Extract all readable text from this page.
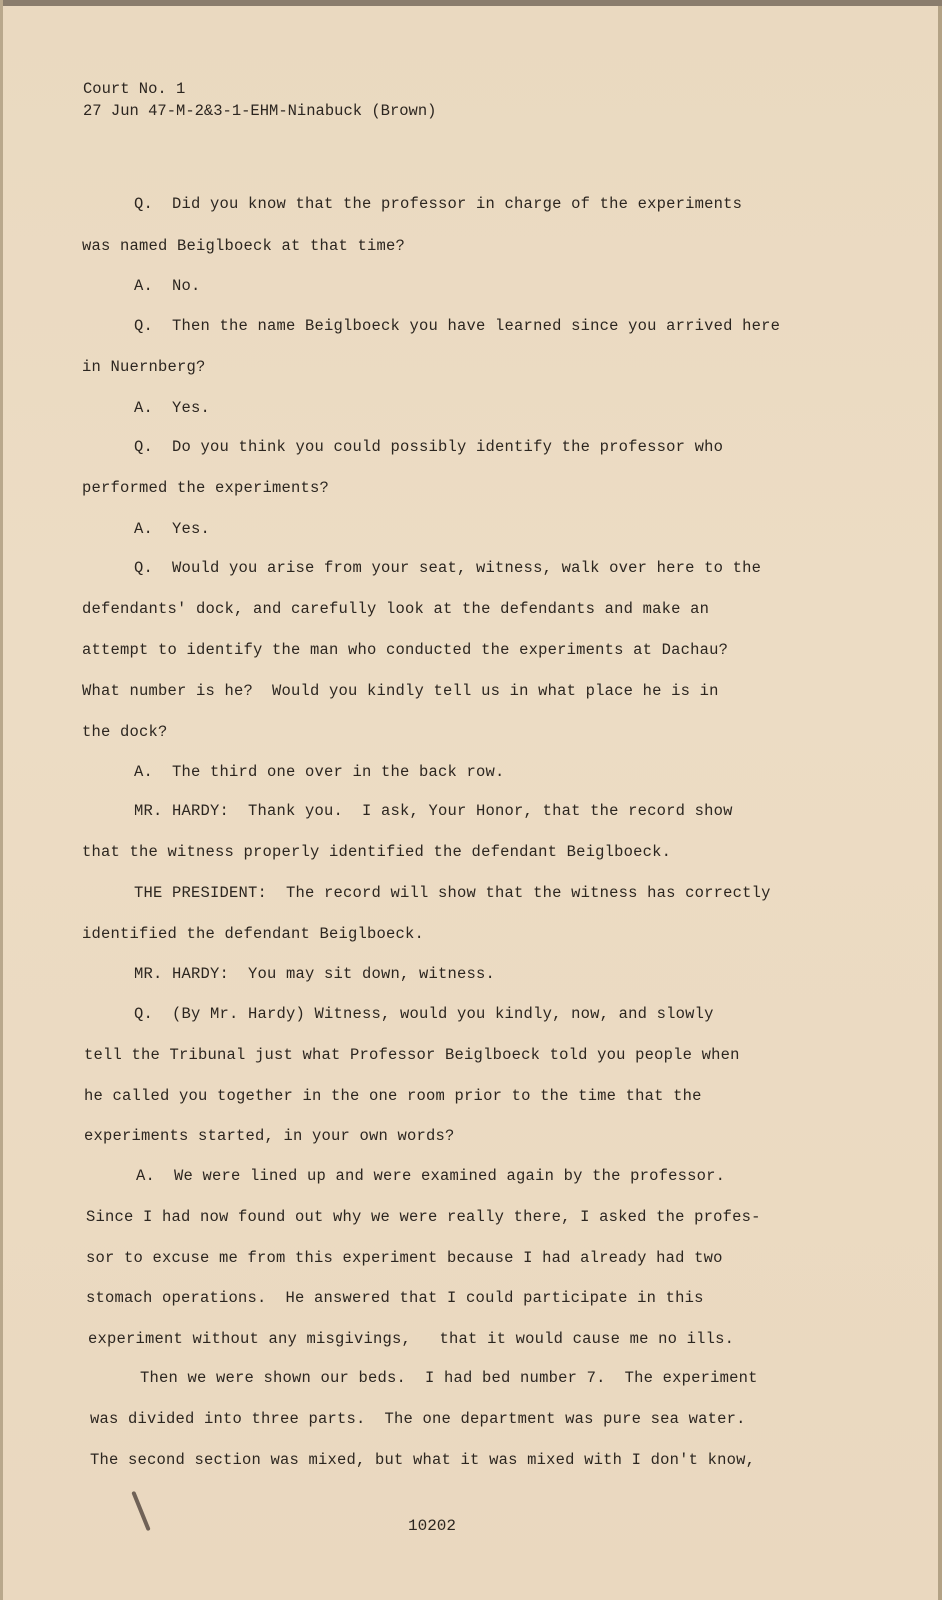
Court No. 1
27 Jun 47-M-2&3-1-EHM-Ninabuck (Brown)
Q.  Did you know that the professor in charge of the experiments
was named Beiglboeck at that time?
A.  No.
Q.  Then the name Beiglboeck you have learned since you arrived here
in Nuernberg?
A.  Yes.
Q.  Do you think you could possibly identify the professor who
performed the experiments?
A.  Yes.
Q.  Would you arise from your seat, witness, walk over here to the
defendants' dock, and carefully look at the defendants and make an
attempt to identify the man who conducted the experiments at Dachau?
What number is he?  Would you kindly tell us in what place he is in
the dock?
A.  The third one over in the back row.
MR. HARDY:  Thank you.  I ask, Your Honor, that the record show
that the witness properly identified the defendant Beiglboeck.
THE PRESIDENT:  The record will show that the witness has correctly
identified the defendant Beiglboeck.
MR. HARDY:  You may sit down, witness.
Q.  (By Mr. Hardy) Witness, would you kindly, now, and slowly
tell the Tribunal just what Professor Beiglboeck told you people when
he called you together in the one room prior to the time that the
experiments started, in your own words?
A.  We were lined up and were examined again by the professor.
Since I had now found out why we were really there, I asked the profes-
sor to excuse me from this experiment because I had already had two
stomach operations.  He answered that I could participate in this
experiment without any misgivings,   that it would cause me no ills.
Then we were shown our beds.  I had bed number 7.  The experiment
was divided into three parts.  The one department was pure sea water.
The second section was mixed, but what it was mixed with I don't know,
10202
